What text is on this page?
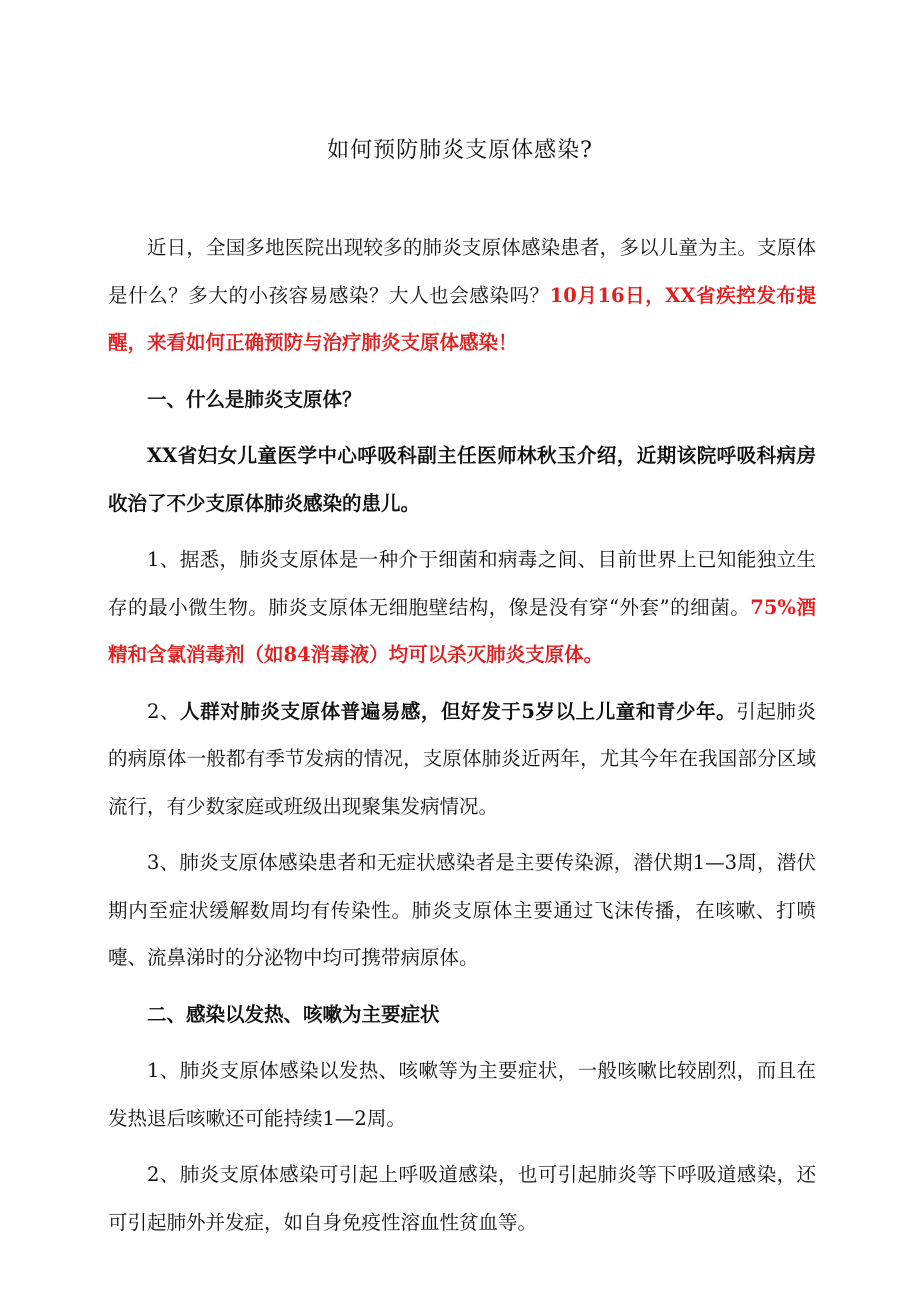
如何预防肺炎支原体感染?

近日，全国多地医院出现较多的肺炎支原体感染患者，多以儿童为主。支原体是什么？多大的小孩容易感染？大人也会感染吗？10月16日，XX省疾控发布提醒，来看如何正确预防与治疗肺炎支原体感染！

一、什么是肺炎支原体？

XX省妇女儿童医学中心呼吸科副主任医师林秋玉介绍，近期该院呼吸科病房收治了不少支原体肺炎感染的患儿。

1、据悉，肺炎支原体是一种介于细菌和病毒之间、目前世界上已知能独立生存的最小微生物。肺炎支原体无细胞壁结构，像是没有穿“外套”的细菌。75%酒精和含氯消毒剂（如84消毒液）均可以杀灭肺炎支原体。

2、人群对肺炎支原体普遍易感，但好发于5岁以上儿童和青少年。引起肺炎的病原体一般都有季节发病的情况，支原体肺炎近两年，尤其今年在我国部分区域流行，有少数家庭或班级出现聚集发病情况。

3、肺炎支原体感染患者和无症状感染者是主要传染源，潜伏期1—3周，潜伏期内至症状缓解数周均有传染性。肺炎支原体主要通过飞沫传播，在咳嗽、打喷嚏、流鼻涕时的分泌物中均可携带病原体。

二、感染以发热、咳嗽为主要症状

1、肺炎支原体感染以发热、咳嗽等为主要症状，一般咳嗽比较剧烈，而且在发热退后咳嗽还可能持续1—2周。

2、肺炎支原体感染可引起上呼吸道感染，也可引起肺炎等下呼吸道感染，还可引起肺外并发症，如自身免疫性溶血性贫血等。
